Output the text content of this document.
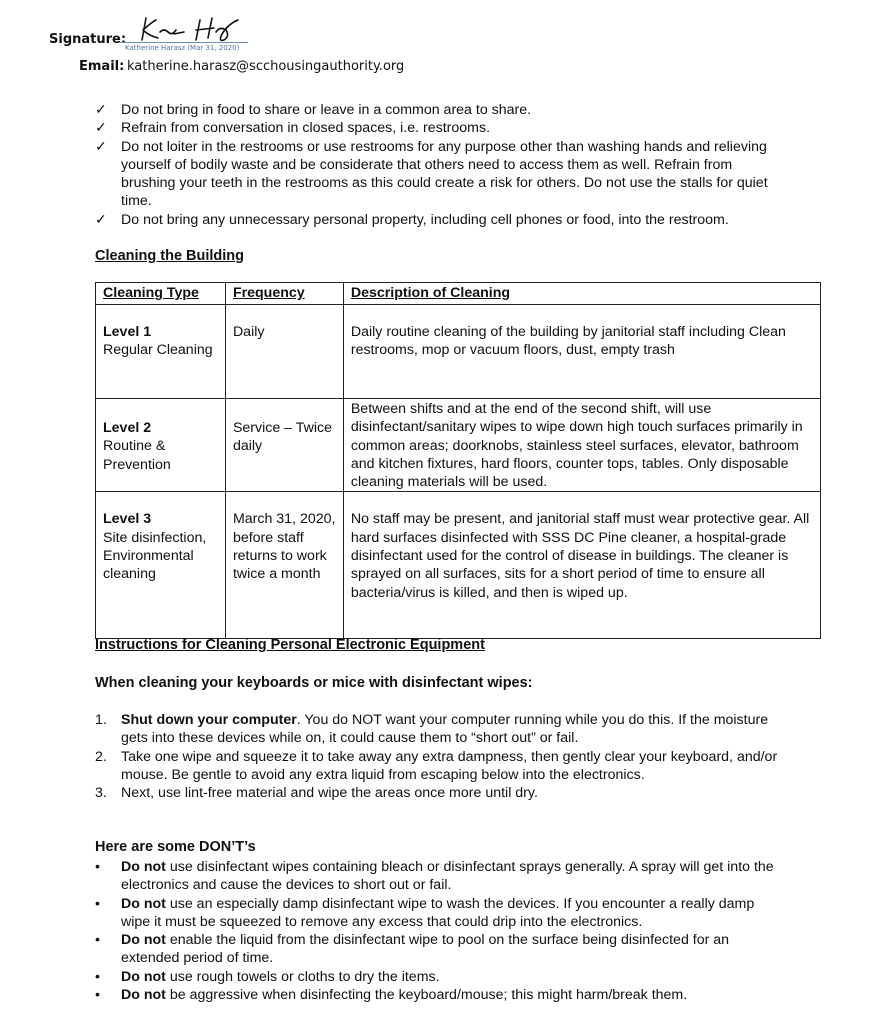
Signature:
Katherine Harasz (Mar 31, 2020)
Email: katherine.harasz@scchousingauthority.org
✓ Do not bring in food to share or leave in a common area to share.
✓ Refrain from conversation in closed spaces, i.e. restrooms.
✓ Do not loiter in the restrooms or use restrooms for any purpose other than washing hands and relieving yourself of bodily waste and be considerate that others need to access them as well. Refrain from brushing your teeth in the restrooms as this could create a risk for others. Do not use the stalls for quiet time.
✓ Do not bring any unnecessary personal property, including cell phones or food, into the restroom.
Cleaning the Building
Cleaning Type	Frequency	Description of Cleaning

Level 1
Regular Cleaning	Daily	Daily routine cleaning of the building by janitorial staff including Clean restrooms, mop or vacuum floors, dust, empty trash

Level 2
Routine & Prevention	Service – Twice daily	Between shifts and at the end of the second shift, will use disinfectant/sanitary wipes to wipe down high touch surfaces primarily in common areas; doorknobs, stainless steel surfaces, elevator, bathroom and kitchen fixtures, hard floors, counter tops, tables. Only disposable cleaning materials will be used.

Level 3
Site disinfection, Environmental cleaning	March 31, 2020, before staff returns to work twice a month	No staff may be present, and janitorial staff must wear protective gear. All hard surfaces disinfected with SSS DC Pine cleaner, a hospital-grade disinfectant used for the control of disease in buildings. The cleaner is sprayed on all surfaces, sits for a short period of time to ensure all bacteria/virus is killed, and then is wiped up.
Instructions for Cleaning Personal Electronic Equipment
When cleaning your keyboards or mice with disinfectant wipes:
1. Shut down your computer. You do NOT want your computer running while you do this. If the moisture gets into these devices while on, it could cause them to “short out” or fail.
2. Take one wipe and squeeze it to take away any extra dampness, then gently clear your keyboard, and/or mouse. Be gentle to avoid any extra liquid from escaping below into the electronics.
3. Next, use lint-free material and wipe the areas once more until dry.
Here are some DON’T’s
• Do not use disinfectant wipes containing bleach or disinfectant sprays generally. A spray will get into the electronics and cause the devices to short out or fail.
• Do not use an especially damp disinfectant wipe to wash the devices. If you encounter a really damp wipe it must be squeezed to remove any excess that could drip into the electronics.
• Do not enable the liquid from the disinfectant wipe to pool on the surface being disinfected for an extended period of time.
• Do not use rough towels or cloths to dry the items.
• Do not be aggressive when disinfecting the keyboard/mouse; this might harm/break them.
